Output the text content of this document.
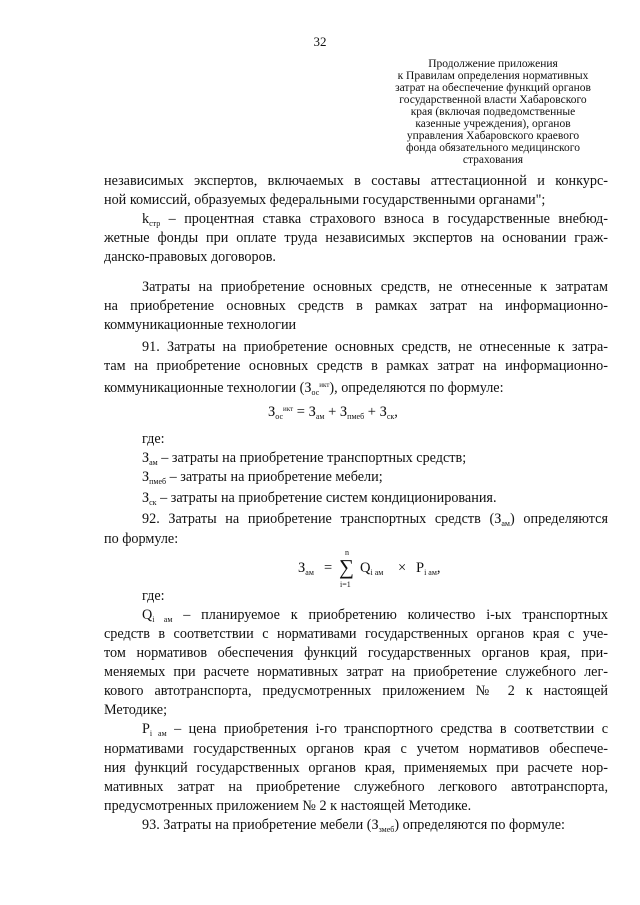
32
Продолжение приложения
к Правилам определения нормативных
затрат на обеспечение функций органов
государственной власти Хабаровского
края (включая подведомственные
казенные учреждения), органов
управления Хабаровского краевого
фонда обязательного медицинского
страхования
независимых экспертов, включаемых в составы аттестационной и конкурс-
ной комиссий, образуемых федеральными государственными органами";
$k_{стр}$ – процентная ставка страхового взноса в государственные внебюд-
жетные фонды при оплате труда независимых экспертов на основании граж-
данско-правовых договоров.
Затраты на приобретение основных средств, не отнесенные к затратам
на приобретение основных средств в рамках затрат на информационно-
коммуникационные технологии
91. Затраты на приобретение основных средств, не отнесенные к затра-
там на приобретение основных средств в рамках затрат на информационно-
коммуникационные технологии $(З_{ос}^{икт})$, определяются по формуле:
$З_{ос}^{икт} = З_{ам} + З_{пмеб} + З_{ск}$,
где:
$З_{ам}$ – затраты на приобретение транспортных средств;
$З_{пмеб}$ – затраты на приобретение мебели;
$З_{ск}$ – затраты на приобретение систем кондиционирования.
92. Затраты на приобретение транспортных средств $(З_{ам})$ определяются
по формуле:
$З_{ам}$ =
n
∑
i=1
$Q_{i ам} \times P_{i ам}$,
где:
$Q_{i ам}$ – планируемое к приобретению количество i-ых транспортных
средств в соответствии с нормативами государственных органов края с уче-
том нормативов обеспечения функций государственных органов края, при-
меняемых при расчете нормативных затрат на приобретение служебного лег-
кового автотранспорта, предусмотренных приложением № 2 к настоящей
Методике;
$P_{i ам}$ – цена приобретения i-го транспортного средства в соответствии с
нормативами государственных органов края с учетом нормативов обеспече-
ния функций государственных органов края, применяемых при расчете нор-
мативных затрат на приобретение служебного легкового автотранспорта,
предусмотренных приложением № 2 к настоящей Методике.
93. Затраты на приобретение мебели $(З_{змеб})$ определяются по формуле:
